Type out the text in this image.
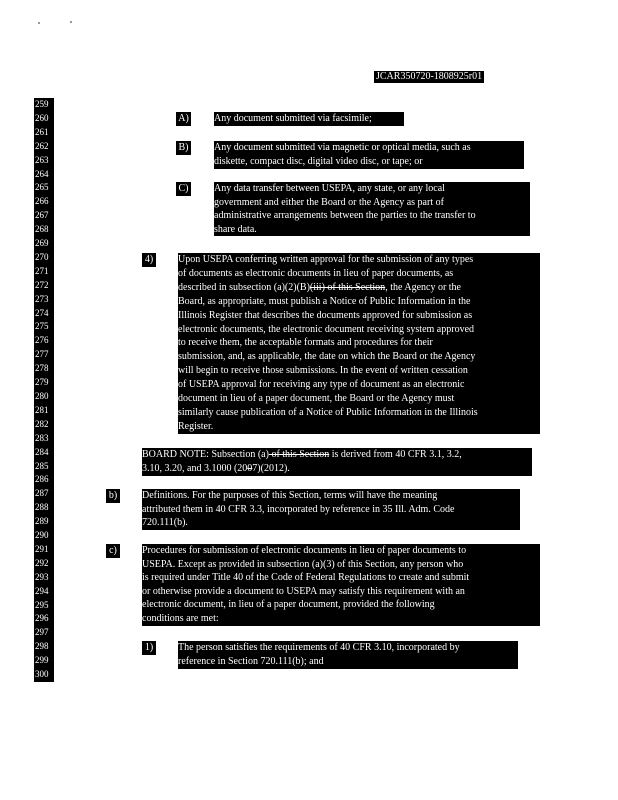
JCAR350720-1808925r01
259
260
261
262
263
264
265
266
267
268
269
270
271
272
273
274
275
276
277
278
279
280
281
282
283
284
285
286
287
288
289
290
291
292
293
294
295
296
297
298
299
300
A)	Any document submitted via facsimile;
B)	Any document submitted via magnetic or optical media, such as
diskette, compact disc, digital video disc, or tape; or
C)	Any data transfer between USEPA, any state, or any local
government and either the Board or the Agency as part of
administrative arrangements between the parties to the transfer to
share data.
4) Upon USEPA conferring written approval for the submission of any types
of documents as electronic documents in lieu of paper documents, as
described in subsection (a)(2)(B)(iii) of this Section, the Agency or the
Board, as appropriate, must publish a Notice of Public Information in the
Illinois Register that describes the documents approved for submission as
electronic documents, the electronic document receiving system approved
to receive them, the acceptable formats and procedures for their
submission, and, as applicable, the date on which the Board or the Agency
will begin to receive those submissions. In the event of written cessation
of USEPA approval for receiving any type of document as an electronic
document in lieu of a paper document, the Board or the Agency must
similarly cause publication of a Notice of Public Information in the Illinois
Register.
BOARD NOTE: Subsection (a) of this Section is derived from 40 CFR 3.1, 3.2,
3.10, 3.20, and 3.1000 (2007)(2012).
b) Definitions. For the purposes of this Section, terms will have the meaning
attributed them in 40 CFR 3.3, incorporated by reference in 35 Ill. Adm. Code
720.111(b).
c)	Procedures for submission of electronic documents in lieu of paper documents to
USEPA. Except as provided in subsection (a)(3) of this Section, any person who
is required under Title 40 of the Code of Federal Regulations to create and submit
or otherwise provide a document to USEPA may satisfy this requirement with an
electronic document, in lieu of a paper document, provided the following
conditions are met:
1) The person satisfies the requirements of 40 CFR 3.10, incorporated by
reference in Section 720.111(b); and
